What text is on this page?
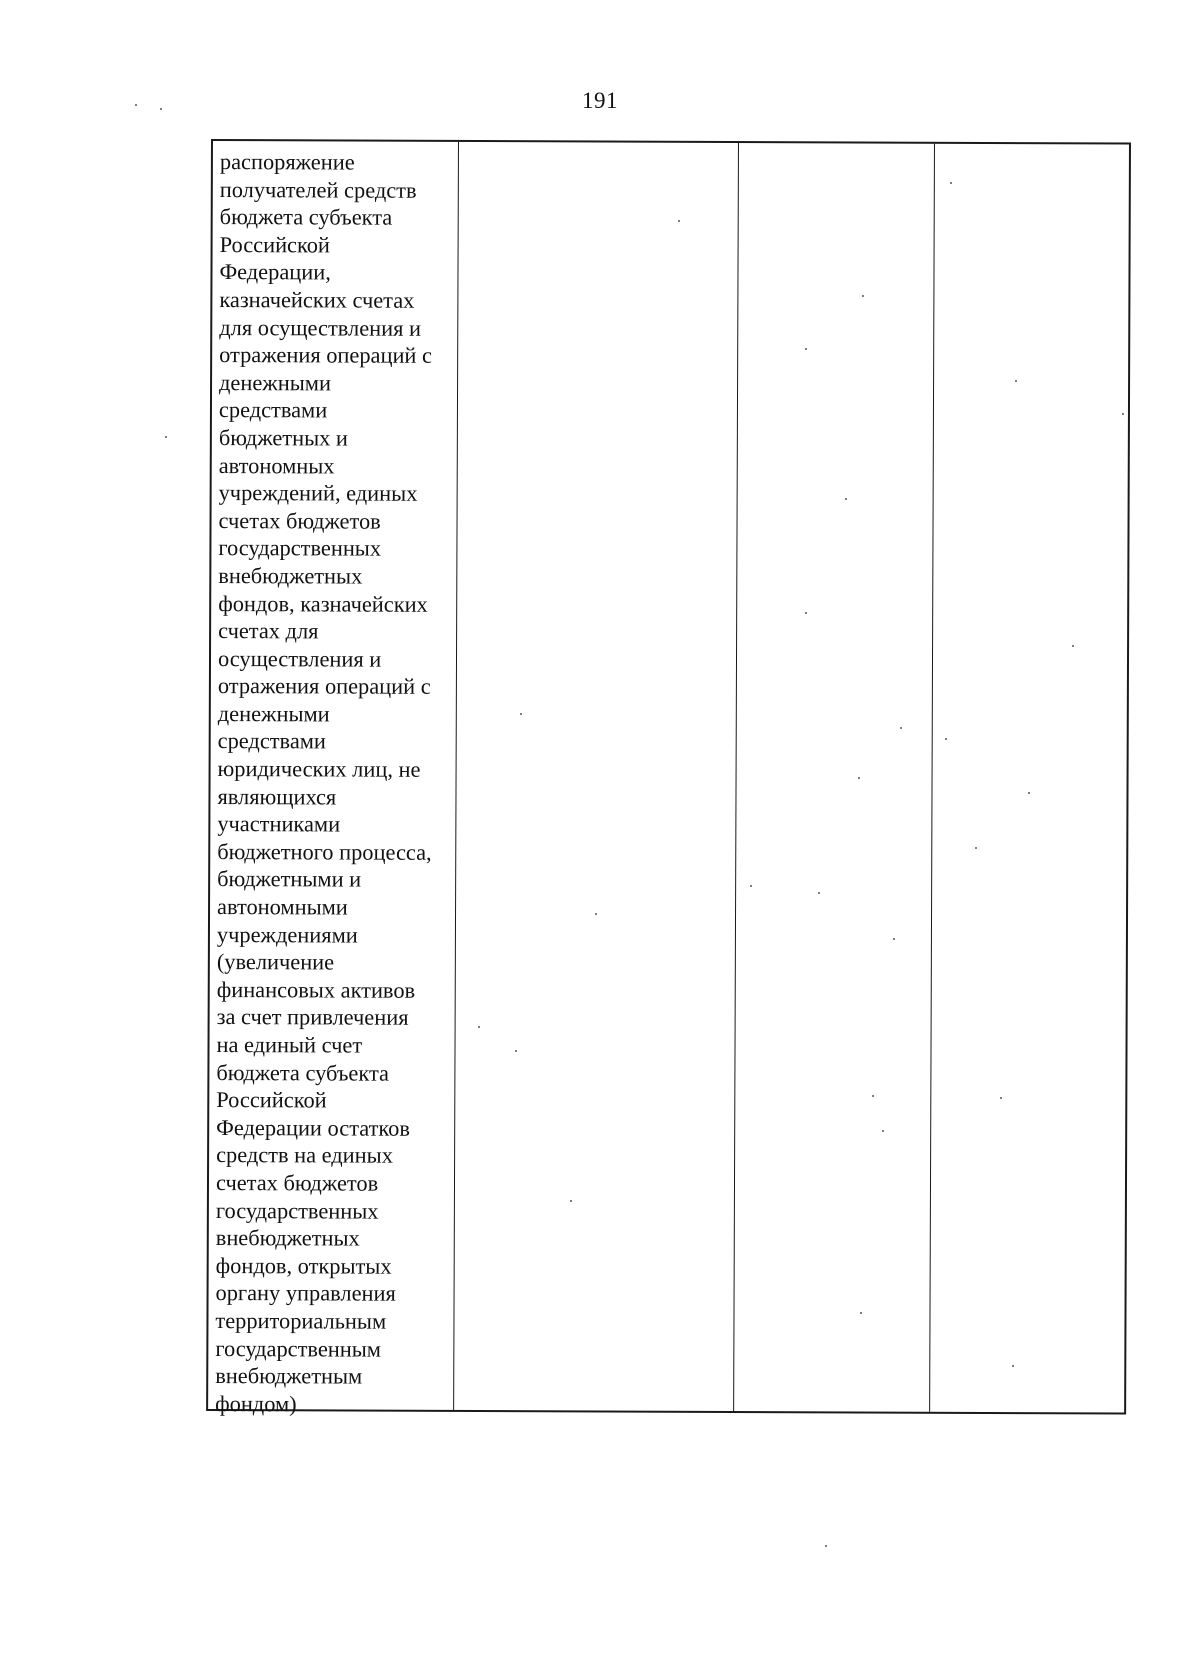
191

распоряжение
получателей средств
бюджета субъекта
Российской
Федерации,
казначейских счетах
для осуществления и
отражения операций с
денежными
средствами
бюджетных и
автономных
учреждений, единых
счетах бюджетов
государственных
внебюджетных
фондов, казначейских
счетах для
осуществления и
отражения операций с
денежными
средствами
юридических лиц, не
являющихся
участниками
бюджетного процесса,
бюджетными и
автономными
учреждениями
(увеличение
финансовых активов
за счет привлечения
на единый счет
бюджета субъекта
Российской
Федерации остатков
средств на единых
счетах бюджетов
государственных
внебюджетных
фондов, открытых
органу управления
территориальным
государственным
внебюджетным
фондом)
